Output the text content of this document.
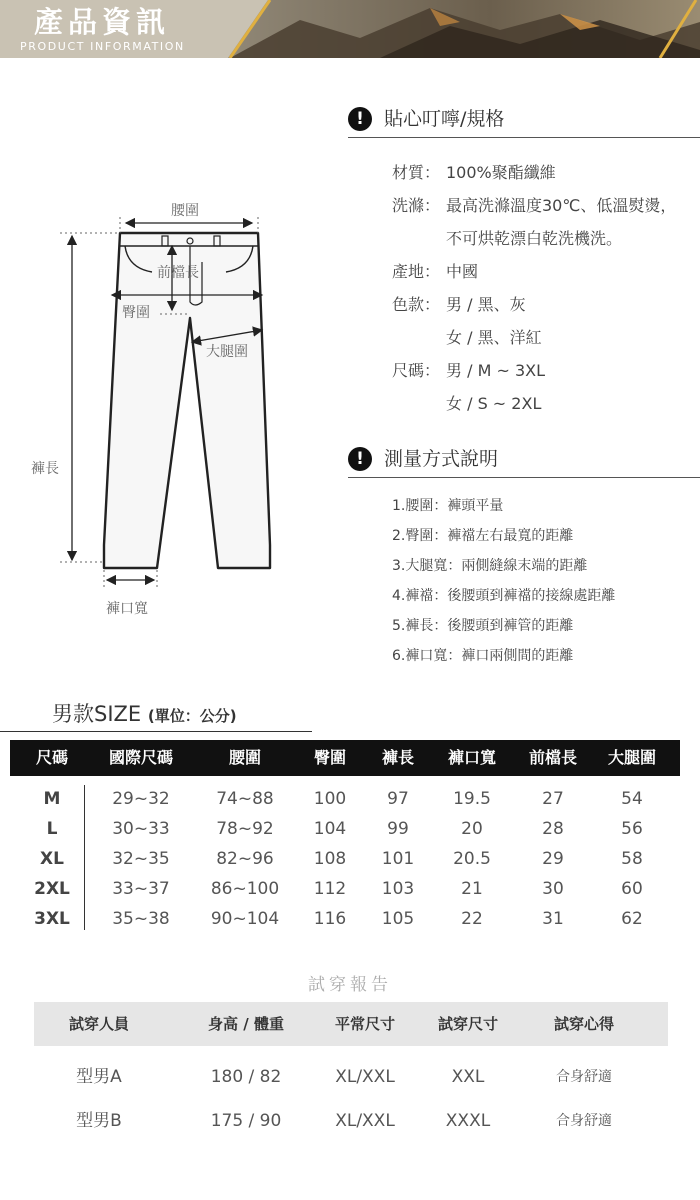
產品資訊
PRODUCT INFORMATION
!	貼心叮嚀/規格
材質： 100%聚酯纖維
洗滌： 最高洗滌溫度30℃、低溫熨燙，
不可烘乾漂白乾洗機洗。
產地： 中國
色款： 男 / 黑、灰
女 / 黑、洋紅
尺碼： 男 / M ~ 3XL
女 / S ~ 2XL
!	測量方式說明
1.腰圍：褲頭平量
2.臀圍：褲襠左右最寬的距離
3.大腿寬：兩側縫線末端的距離
4.褲襠：後腰頭到褲襠的接線處距離
5.褲長：後腰頭到褲管的距離
6.褲口寬：褲口兩側間的距離
腰圍
前檔長
臀圍
大腿圍
褲長
褲口寬
男款SIZE (單位：公分)
尺碼	國際尺碼	腰圍	臀圍 褲長 褲口寬 前檔長 大腿圍
M	29~32	74~88 100 97	19.5	27	54
L	30~33	78~92 104 99	20	28	56
XL	32~35	82~96 108 101 20.5	29	58
2XL 33~37 86~100 112 103	21	30	60
3XL 35~38 90~104 116 105	22	31	62
試穿報告
試穿人員	身高 / 體重	平常尺寸	試穿尺寸	試穿心得
型男A	180 / 82	XL/XXL	XXL	合身舒適
型男B	175 / 90	XL/XXL	XXXL	合身舒適
